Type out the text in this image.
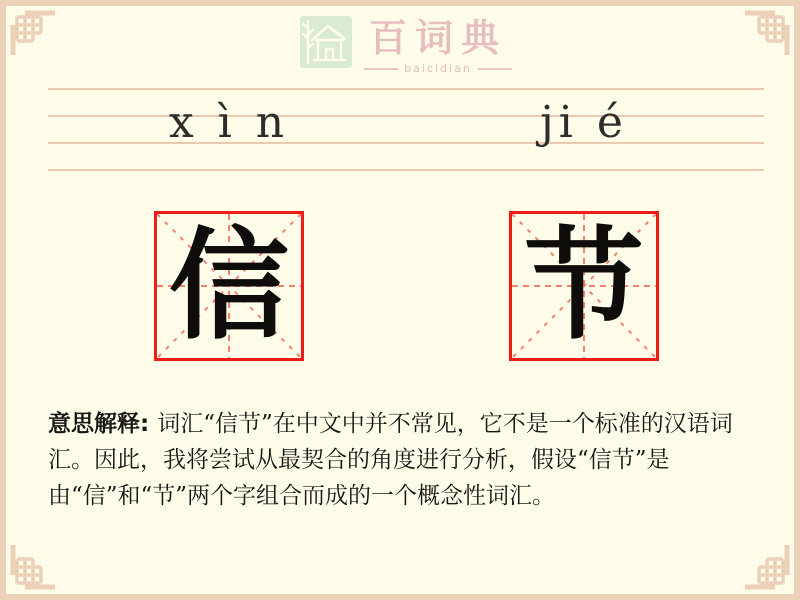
百词典
baicidian
x ì n	ji é
信 节

意思解释: 词汇“信节”在中文中并不常见，它不是一个标准的汉语词汇。因此，我将尝试从最契合的角度进行分析，假设“信节”是由“信”和“节”两个字组合而成的一个概念性词汇。
